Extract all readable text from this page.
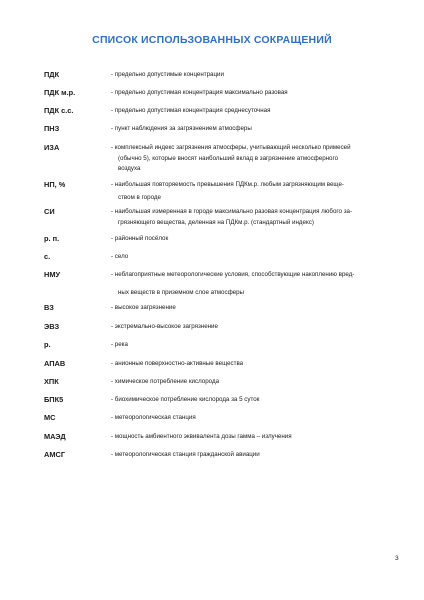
СПИСОК ИСПОЛЬЗОВАННЫХ СОКРАЩЕНИЙ
ПДК	- предельно допустимые концентрации
ПДК м.р.	- предельно допустимая концентрация максимально разовая
ПДК с.с.	- предельно допустимая концентрация среднесуточная
ПНЗ	- пункт наблюдения за загрязнением атмосферы
ИЗА	- комплексный индекс загрязнения атмосферы, учитывающий несколько примесей
(обычно 5), которые вносят наибольший вклад в загрязнение атмосферного
воздуха
НП, %	- наибольшая повторяемость превышения ПДКм.р. любым загрязняющим веще-
ством в городе
СИ	- наибольшая измеренная в городе максимально разовая концентрация любого за-
грязняющего вещества, деленная на ПДКм.р. (стандартный индекс)
р. п.	- районный посёлок
с.	- село
НМУ	- неблагоприятные метеорологические условия, способствующие накоплению вред-
ных веществ в приземном слое атмосферы
ВЗ	- высокое загрязнение
ЭВЗ	- экстремально-высокое загрязнение
р.	- река
АПАВ	- анионные поверхностно-активные вещества
ХПК	- химическое потребление кислорода
БПК5	- биохимическое потребление кислорода за 5 суток
МС	- метеорологическая станция
МАЭД	- мощность амбиентного эквивалента дозы гамма – излучения
АМСГ	- метеорологическая станция гражданской авиации
3
